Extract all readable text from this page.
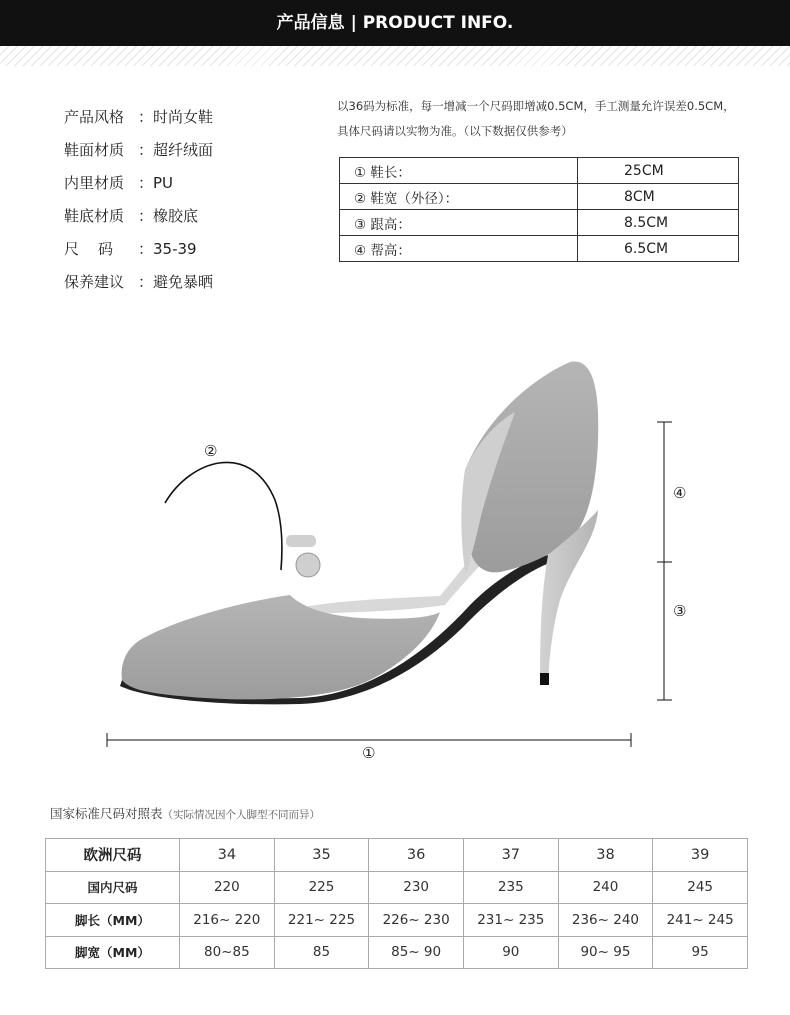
产品信息 | PRODUCT INFO.
产品风格 ：时尚女鞋
鞋面材质 ：超纤绒面
内里材质 ：PU
鞋底材质 ：橡胶底
尺码 ：35-39
保养建议 ：避免暴晒
以36码为标准，每一增减一个尺码即增减0.5CM，手工测量允许误差0.5CM，
具体尺码请以实物为准。（以下数据仅供参考）
① 鞋长：	25CM
② 鞋宽（外径）：	8CM
③ 跟高：	8.5CM
④ 帮高：	6.5CM
②
④
③
①
国家标准尺码对照表（实际情况因个人脚型不同而异）
欧洲尺码	34	35	36	37	38	39
国内尺码	220	225	230	235	240	245
脚长（MM）	216~ 220	221~ 225	226~ 230	231~ 235	236~ 240	241~ 245
脚宽（MM）	80~85	85	85~ 90	90	90~ 95	95
